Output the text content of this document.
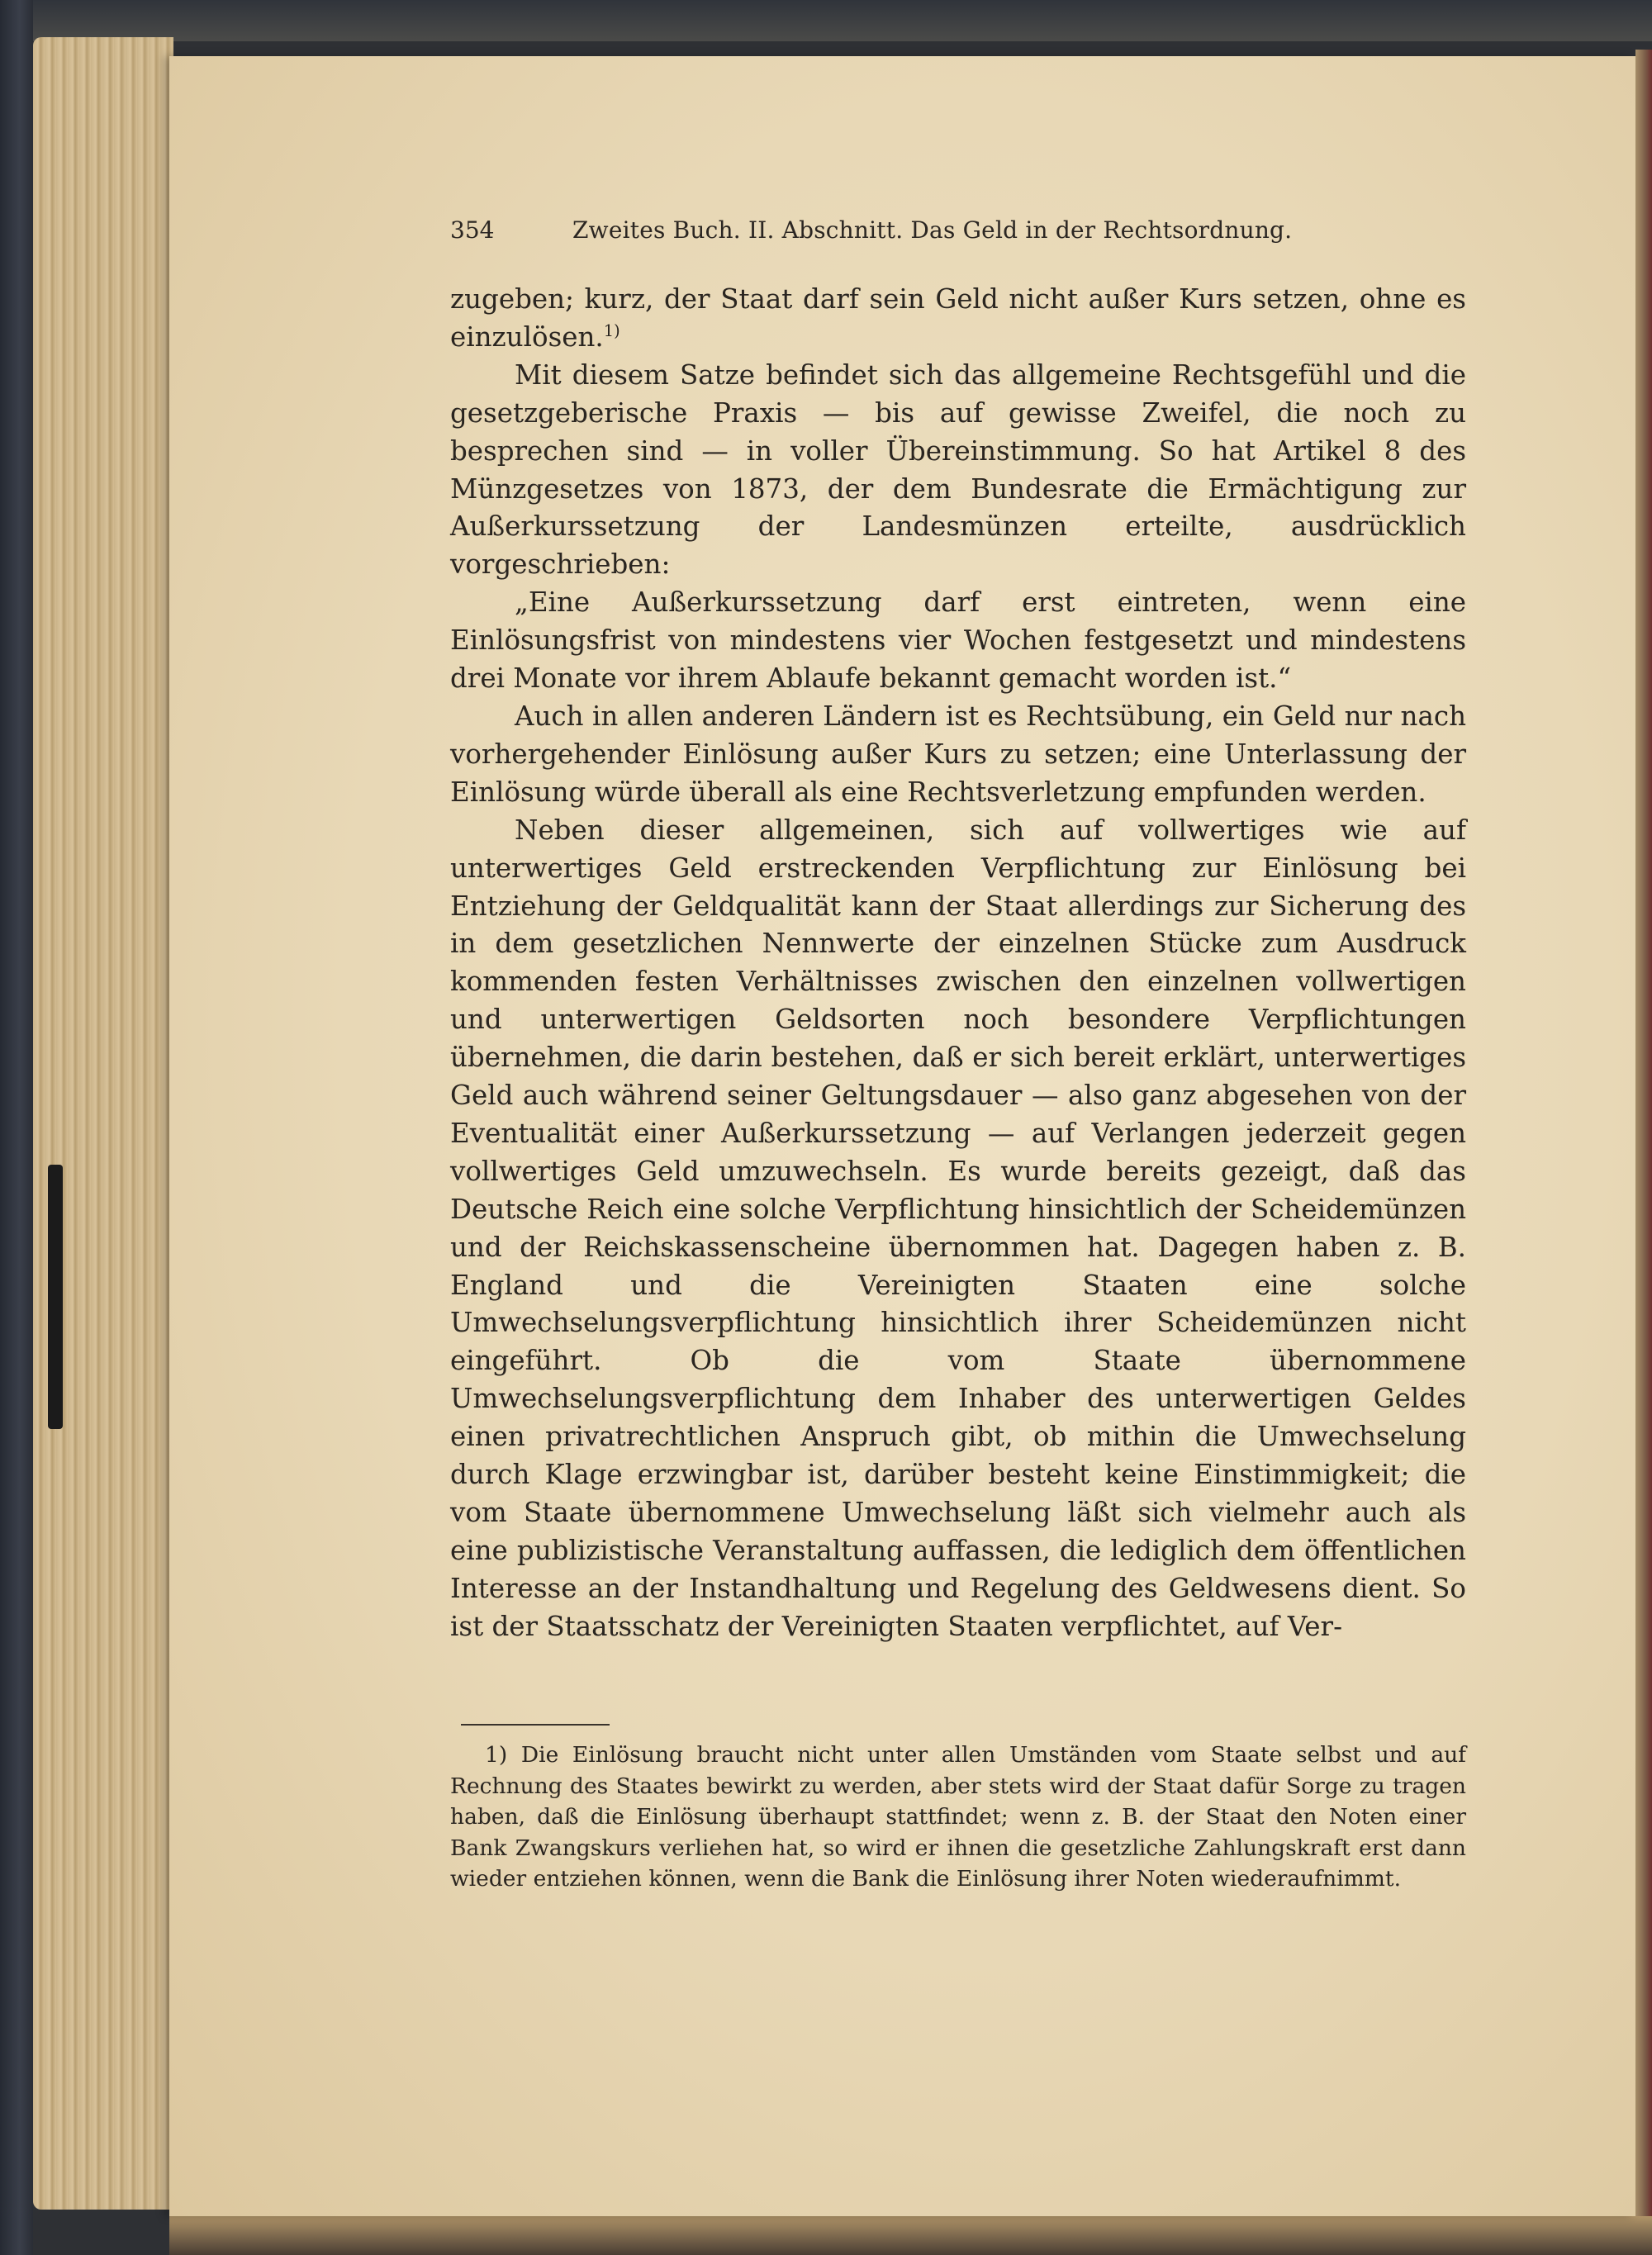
354	Zweites Buch. II. Abschnitt. Das Geld in der Rechtsordnung.

zugeben; kurz, der Staat darf sein Geld nicht außer Kurs setzen, ohne es einzulösen.$^{1)}$

Mit diesem Satze befindet sich das allgemeine Rechtsgefühl und die gesetzgeberische Praxis — bis auf gewisse Zweifel, die noch zu besprechen sind — in voller Übereinstimmung. So hat Artikel 8 des Münzgesetzes von 1873, der dem Bundesrate die Ermächtigung zur Außerkurssetzung der Landesmünzen erteilte, ausdrücklich vorgeschrieben:

„Eine Außerkurssetzung darf erst eintreten, wenn eine Einlösungsfrist von mindestens vier Wochen festgesetzt und mindestens drei Monate vor ihrem Ablaufe bekannt gemacht worden ist.“

Auch in allen anderen Ländern ist es Rechtsübung, ein Geld nur nach vorhergehender Einlösung außer Kurs zu setzen; eine Unterlassung der Einlösung würde überall als eine Rechtsverletzung empfunden werden.

Neben dieser allgemeinen, sich auf vollwertiges wie auf unterwertiges Geld erstreckenden Verpflichtung zur Einlösung bei Entziehung der Geldqualität kann der Staat allerdings zur Sicherung des in dem gesetzlichen Nennwerte der einzelnen Stücke zum Ausdruck kommenden festen Verhältnisses zwischen den einzelnen vollwertigen und unterwertigen Geldsorten noch besondere Verpflichtungen übernehmen, die darin bestehen, daß er sich bereit erklärt, unterwertiges Geld auch während seiner Geltungsdauer — also ganz abgesehen von der Eventualität einer Außerkurssetzung — auf Verlangen jederzeit gegen vollwertiges Geld umzuwechseln. Es wurde bereits gezeigt, daß das Deutsche Reich eine solche Verpflichtung hinsichtlich der Scheidemünzen und der Reichskassenscheine übernommen hat. Dagegen haben z. B. England und die Vereinigten Staaten eine solche Umwechselungsverpflichtung hinsichtlich ihrer Scheidemünzen nicht eingeführt. Ob die vom Staate übernommene Umwechselungsverpflichtung dem Inhaber des unterwertigen Geldes einen privatrechtlichen Anspruch gibt, ob mithin die Umwechselung durch Klage erzwingbar ist, darüber besteht keine Einstimmigkeit; die vom Staate übernommene Umwechselung läßt sich vielmehr auch als eine publizistische Veranstaltung auffassen, die lediglich dem öffentlichen Interesse an der Instandhaltung und Regelung des Geldwesens dient. So ist der Staatsschatz der Vereinigten Staaten verpflichtet, auf Ver-

1) Die Einlösung braucht nicht unter allen Umständen vom Staate selbst und auf Rechnung des Staates bewirkt zu werden, aber stets wird der Staat dafür Sorge zu tragen haben, daß die Einlösung überhaupt stattfindet; wenn z. B. der Staat den Noten einer Bank Zwangskurs verliehen hat, so wird er ihnen die gesetzliche Zahlungskraft erst dann wieder entziehen können, wenn die Bank die Einlösung ihrer Noten wiederaufnimmt.
